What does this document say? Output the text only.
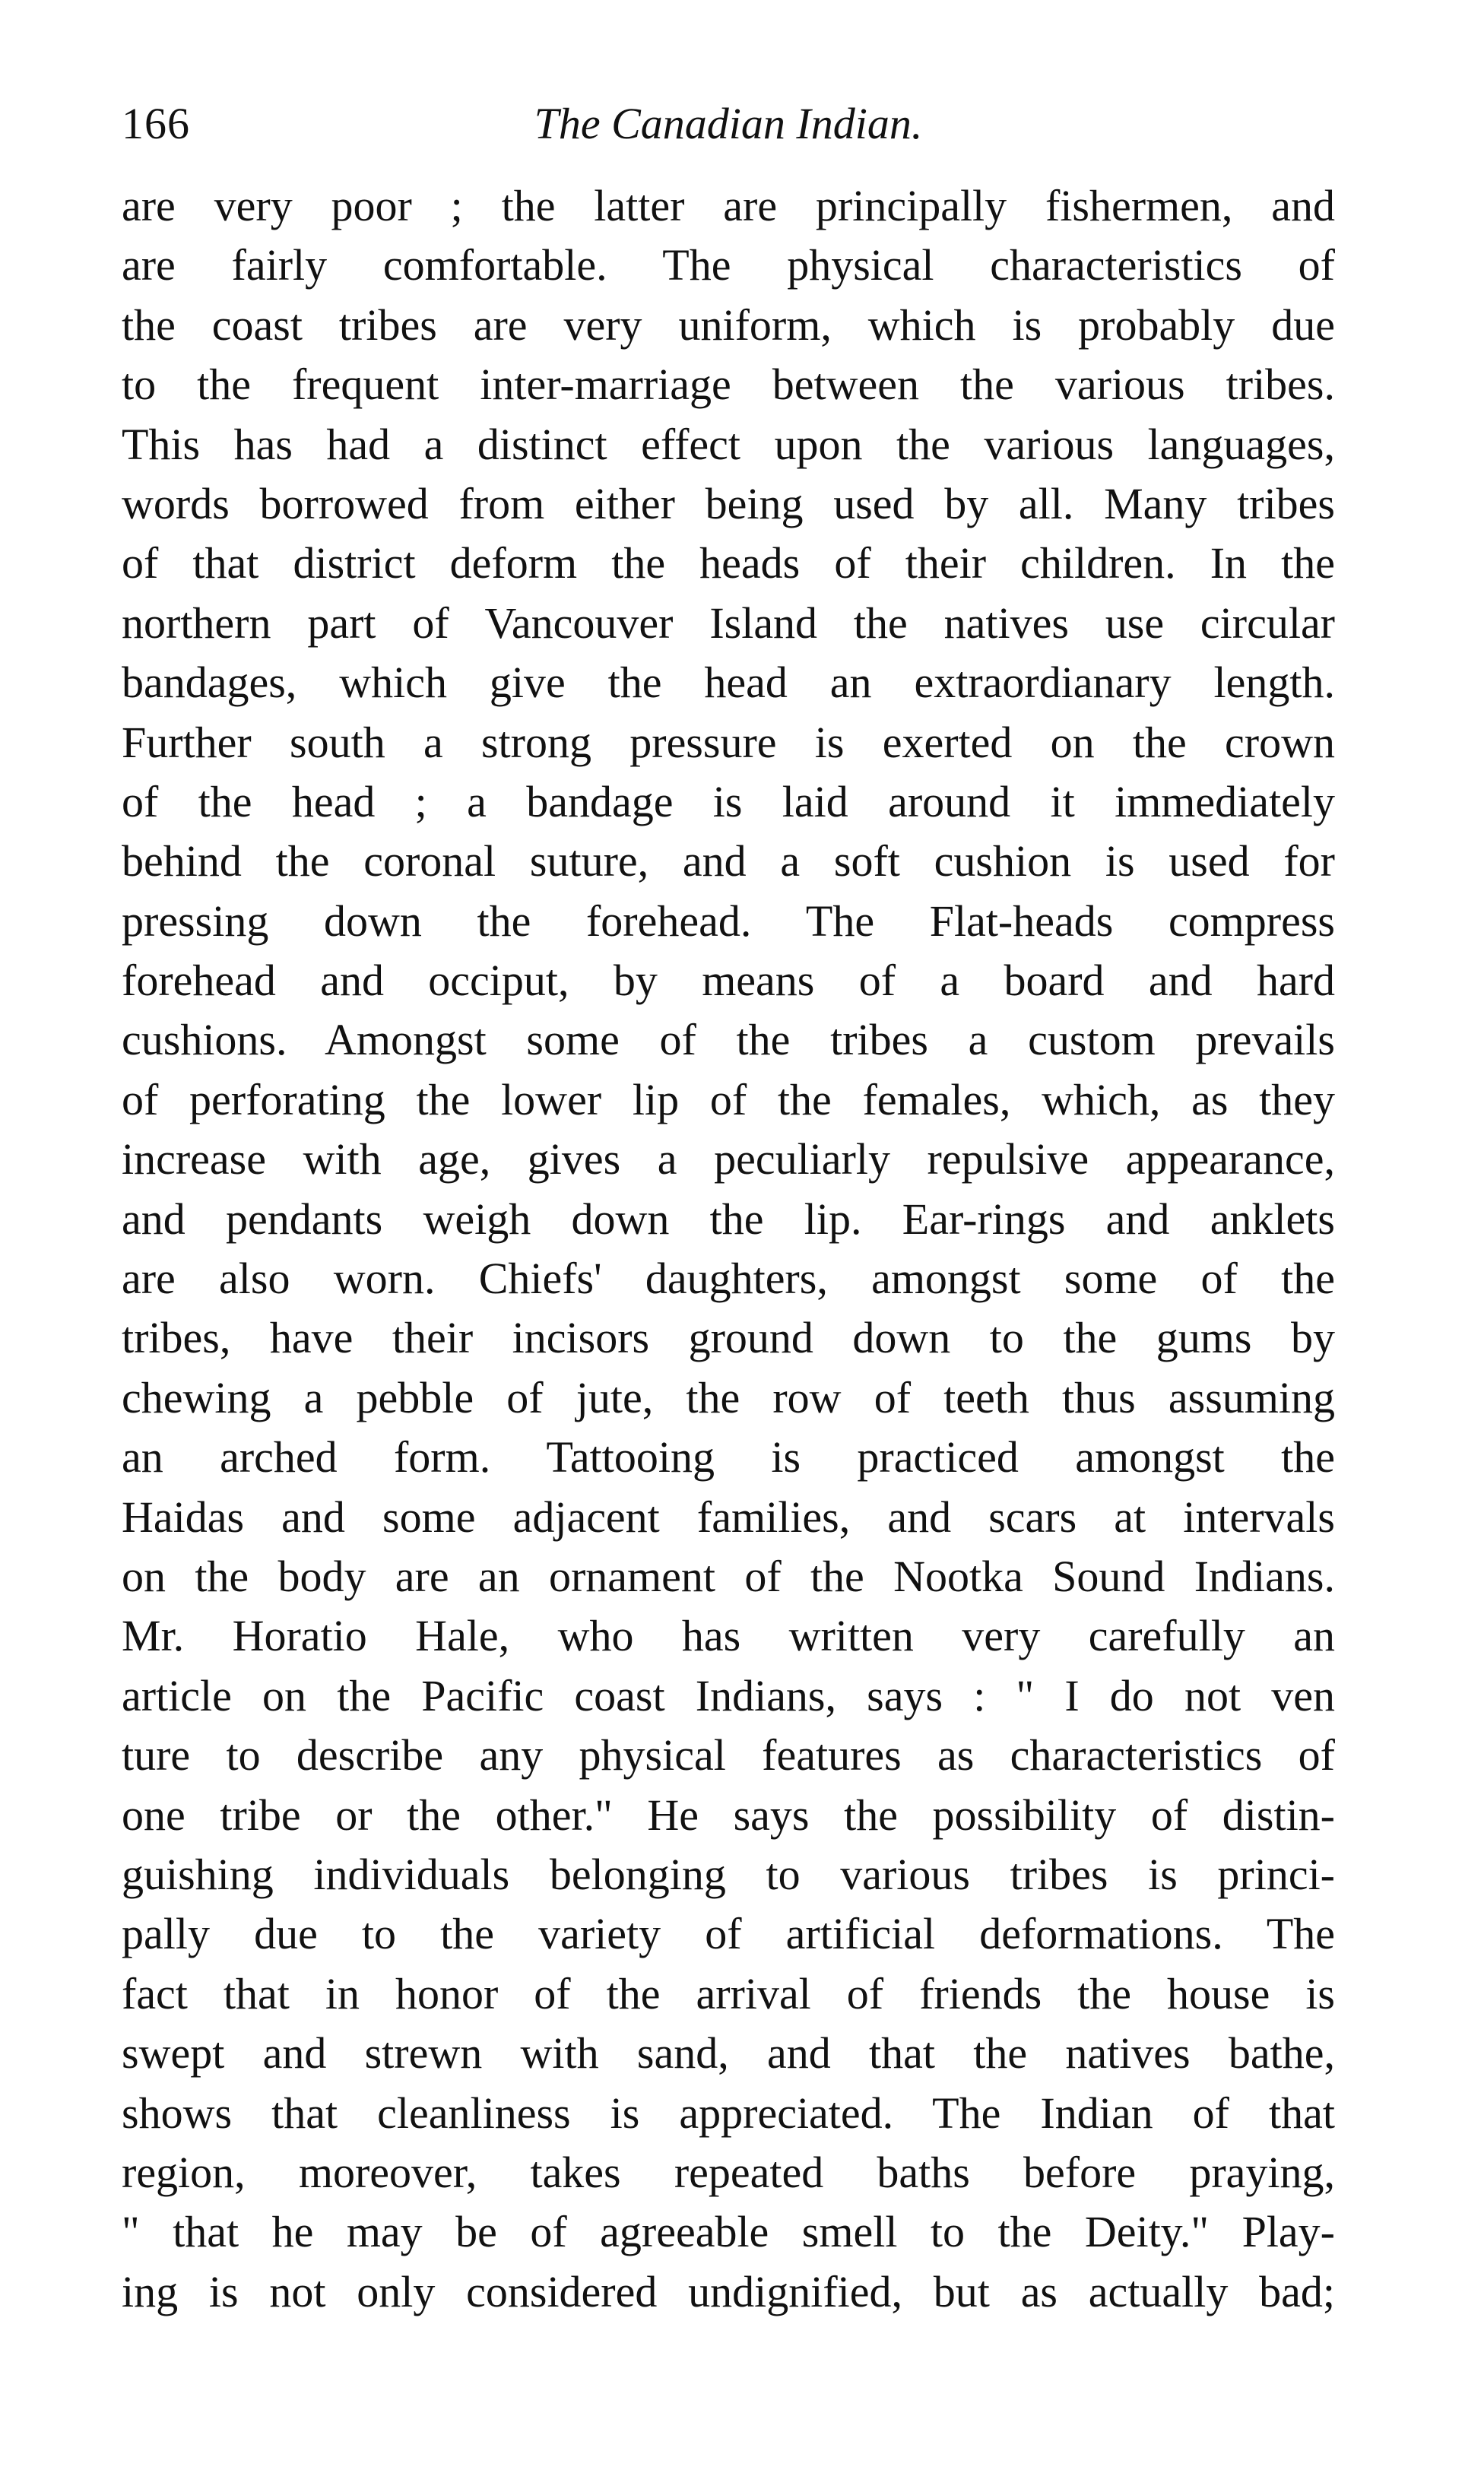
166	The Canadian Indian.
are very poor ; the latter are principally fishermen, and
are fairly comfortable. The physical characteristics of
the coast tribes are very uniform, which is probably due
to the frequent inter-marriage between the various tribes.
This has had a distinct effect upon the various languages,
words borrowed from either being used by all. Many tribes
of that district deform the heads of their children. In the
northern part of Vancouver Island the natives use circular
bandages, which give the head an extraordianary length.
Further south a strong pressure is exerted on the crown
of the head ; a bandage is laid around it immediately
behind the coronal suture, and a soft cushion is used for
pressing down the forehead. The Flat-heads compress
forehead and occiput, by means of a board and hard
cushions. Amongst some of the tribes a custom prevails
of perforating the lower lip of the females, which, as they
increase with age, gives a peculiarly repulsive appearance,
and pendants weigh down the lip. Ear-rings and anklets
are also worn. Chiefs' daughters, amongst some of the
tribes, have their incisors ground down to the gums by
chewing a pebble of jute, the row of teeth thus assuming
an arched form. Tattooing is practiced amongst the
Haidas and some adjacent families, and scars at intervals
on the body are an ornament of the Nootka Sound Indians.
Mr. Horatio Hale, who has written very carefully an
article on the Pacific coast Indians, says : " I do not ven
ture to describe any physical features as characteristics of
one tribe or the other." He says the possibility of distin-
guishing individuals belonging to various tribes is princi-
pally due to the variety of artificial deformations. The
fact that in honor of the arrival of friends the house is
swept and strewn with sand, and that the natives bathe,
shows that cleanliness is appreciated. The Indian of that
region, moreover, takes repeated baths before praying,
" that he may be of agreeable smell to the Deity." Play-
ing is not only considered undignified, but as actually bad;
